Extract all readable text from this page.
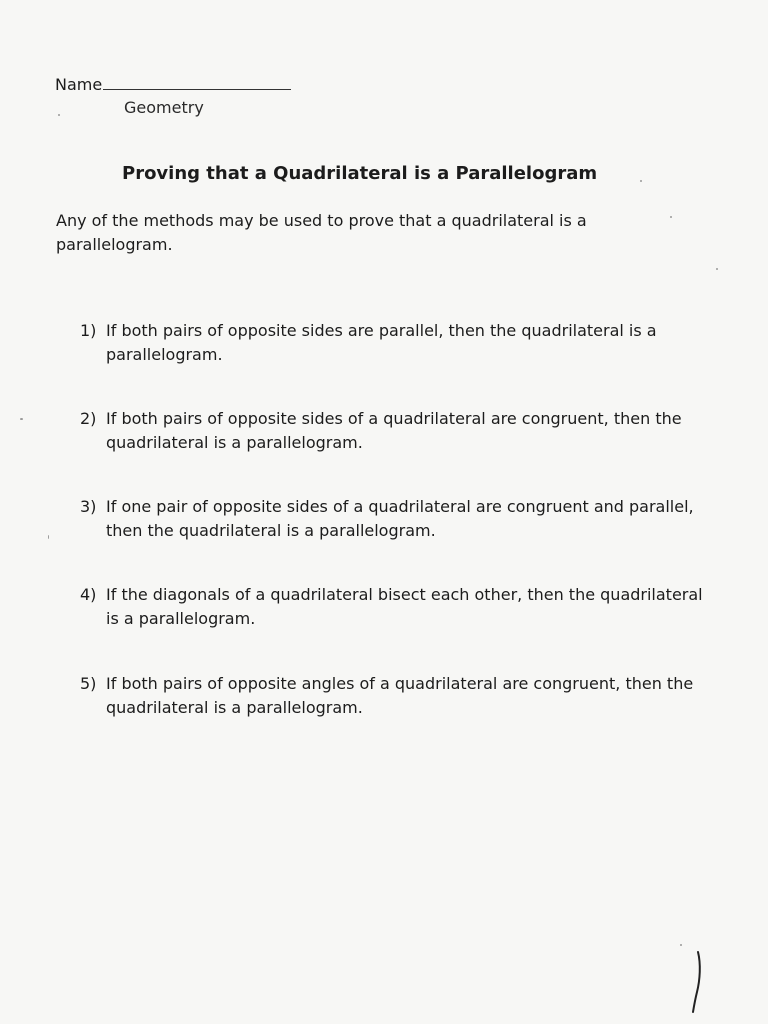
Name
Geometry
Proving that a Quadrilateral is a Parallelogram
Any of the methods may be used to prove that a quadrilateral is a parallelogram.
1) If both pairs of opposite sides are parallel, then the quadrilateral is a parallelogram.
2) If both pairs of opposite sides of a quadrilateral are congruent, then the quadrilateral is a parallelogram.
3) If one pair of opposite sides of a quadrilateral are congruent and parallel, then the quadrilateral is a parallelogram.
4) If the diagonals of a quadrilateral bisect each other, then the quadrilateral is a parallelogram.
5) If both pairs of opposite angles of a quadrilateral are congruent, then the quadrilateral is a parallelogram.
